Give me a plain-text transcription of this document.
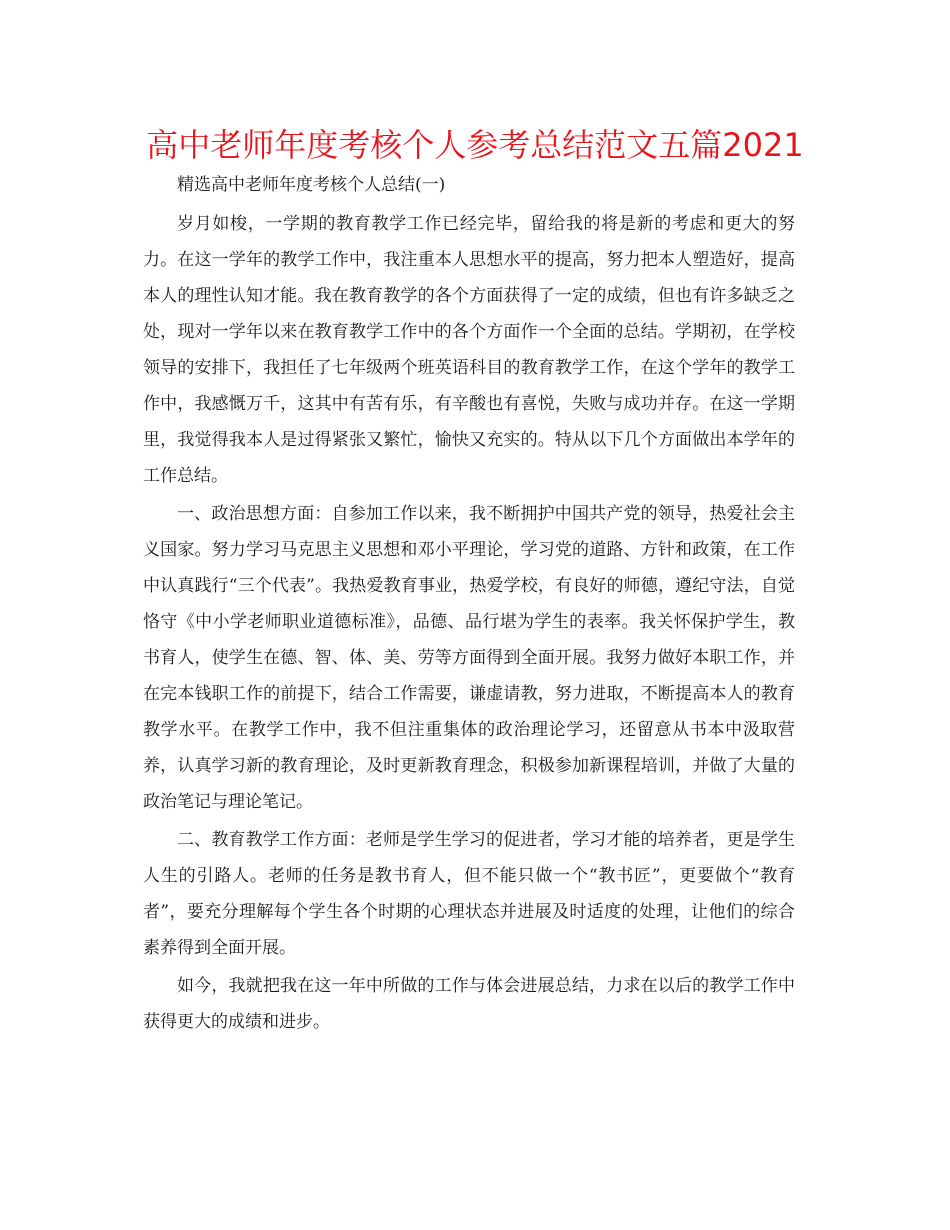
高中老师年度考核个人参考总结范文五篇2021

精选高中老师年度考核个人总结(一)

岁月如梭，一学期的教育教学工作已经完毕，留给我的将是新的考虑和更大的努力。在这一学年的教学工作中，我注重本人思想水平的提高，努力把本人塑造好，提高本人的理性认知才能。我在教育教学的各个方面获得了一定的成绩，但也有许多缺乏之处，现对一学年以来在教育教学工作中的各个方面作一个全面的总结。学期初，在学校领导的安排下，我担任了七年级两个班英语科目的教育教学工作，在这个学年的教学工作中，我感慨万千，这其中有苦有乐，有辛酸也有喜悦，失败与成功并存。在这一学期里，我觉得我本人是过得紧张又繁忙，愉快又充实的。特从以下几个方面做出本学年的工作总结。

一、政治思想方面：自参加工作以来，我不断拥护中国共产党的领导，热爱社会主义国家。努力学习马克思主义思想和邓小平理论，学习党的道路、方针和政策，在工作中认真践行“三个代表”。我热爱教育事业，热爱学校，有良好的师德，遵纪守法，自觉恪守《中小学老师职业道德标准》，品德、品行堪为学生的表率。我关怀保护学生，教书育人，使学生在德、智、体、美、劳等方面得到全面开展。我努力做好本职工作，并在完本钱职工作的前提下，结合工作需要，谦虚请教，努力进取，不断提高本人的教育教学水平。在教学工作中，我不但注重集体的政治理论学习，还留意从书本中汲取营养，认真学习新的教育理论，及时更新教育理念，积极参加新课程培训，并做了大量的政治笔记与理论笔记。

二、教育教学工作方面：老师是学生学习的促进者，学习才能的培养者，更是学生人生的引路人。老师的任务是教书育人，但不能只做一个“教书匠”，更要做个“教育者”，要充分理解每个学生各个时期的心理状态并进展及时适度的处理，让他们的综合素养得到全面开展。

如今，我就把我在这一年中所做的工作与体会进展总结，力求在以后的教学工作中获得更大的成绩和进步。
